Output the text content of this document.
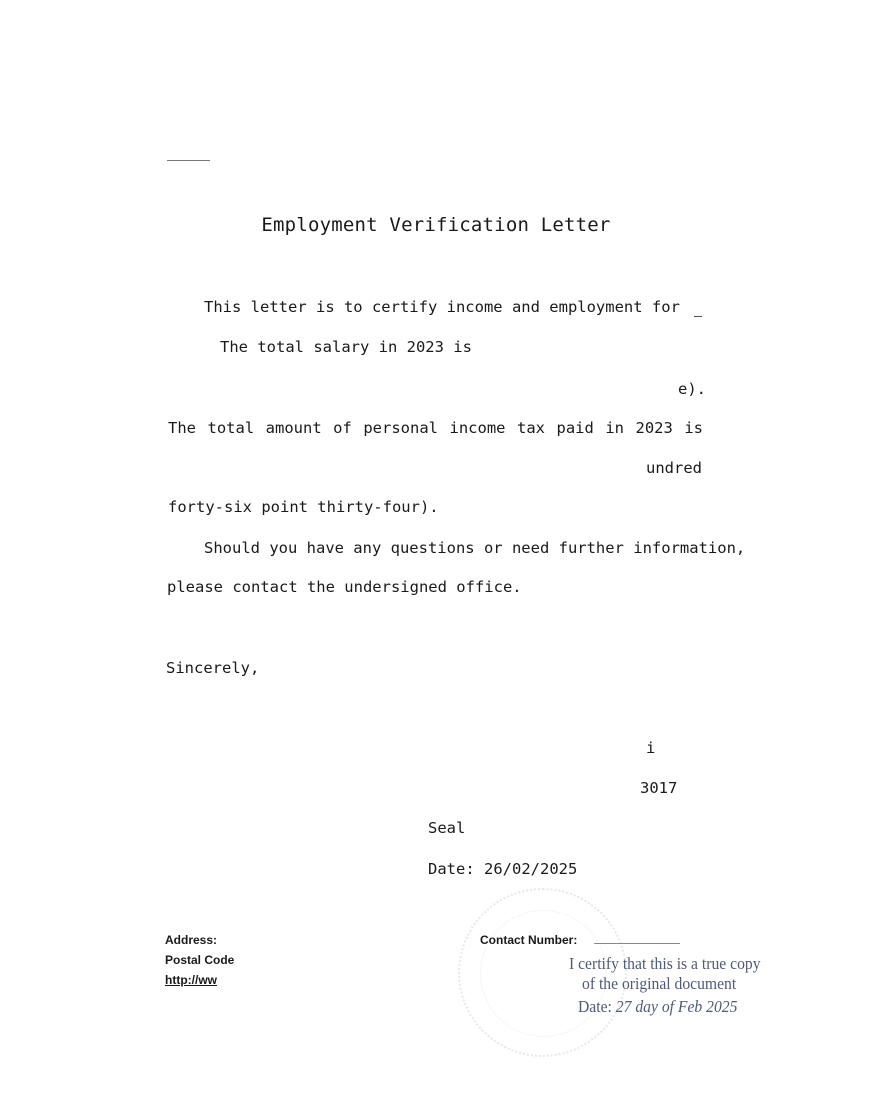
Employment Verification Letter
This letter is to certify income and employment for
The total salary in 2023 is
e).
The total amount of personal income tax paid in 2023 is
undred
forty-six point thirty-four).
Should you have any questions or need further information,
please contact the undersigned office.
Sincerely,
i
3017
Seal
Date: 26/02/2025
Address:
Postal Code
http://ww
Contact Number:
I certify that this is a true copy
of the original document
Date: 27 day of Feb 2025
